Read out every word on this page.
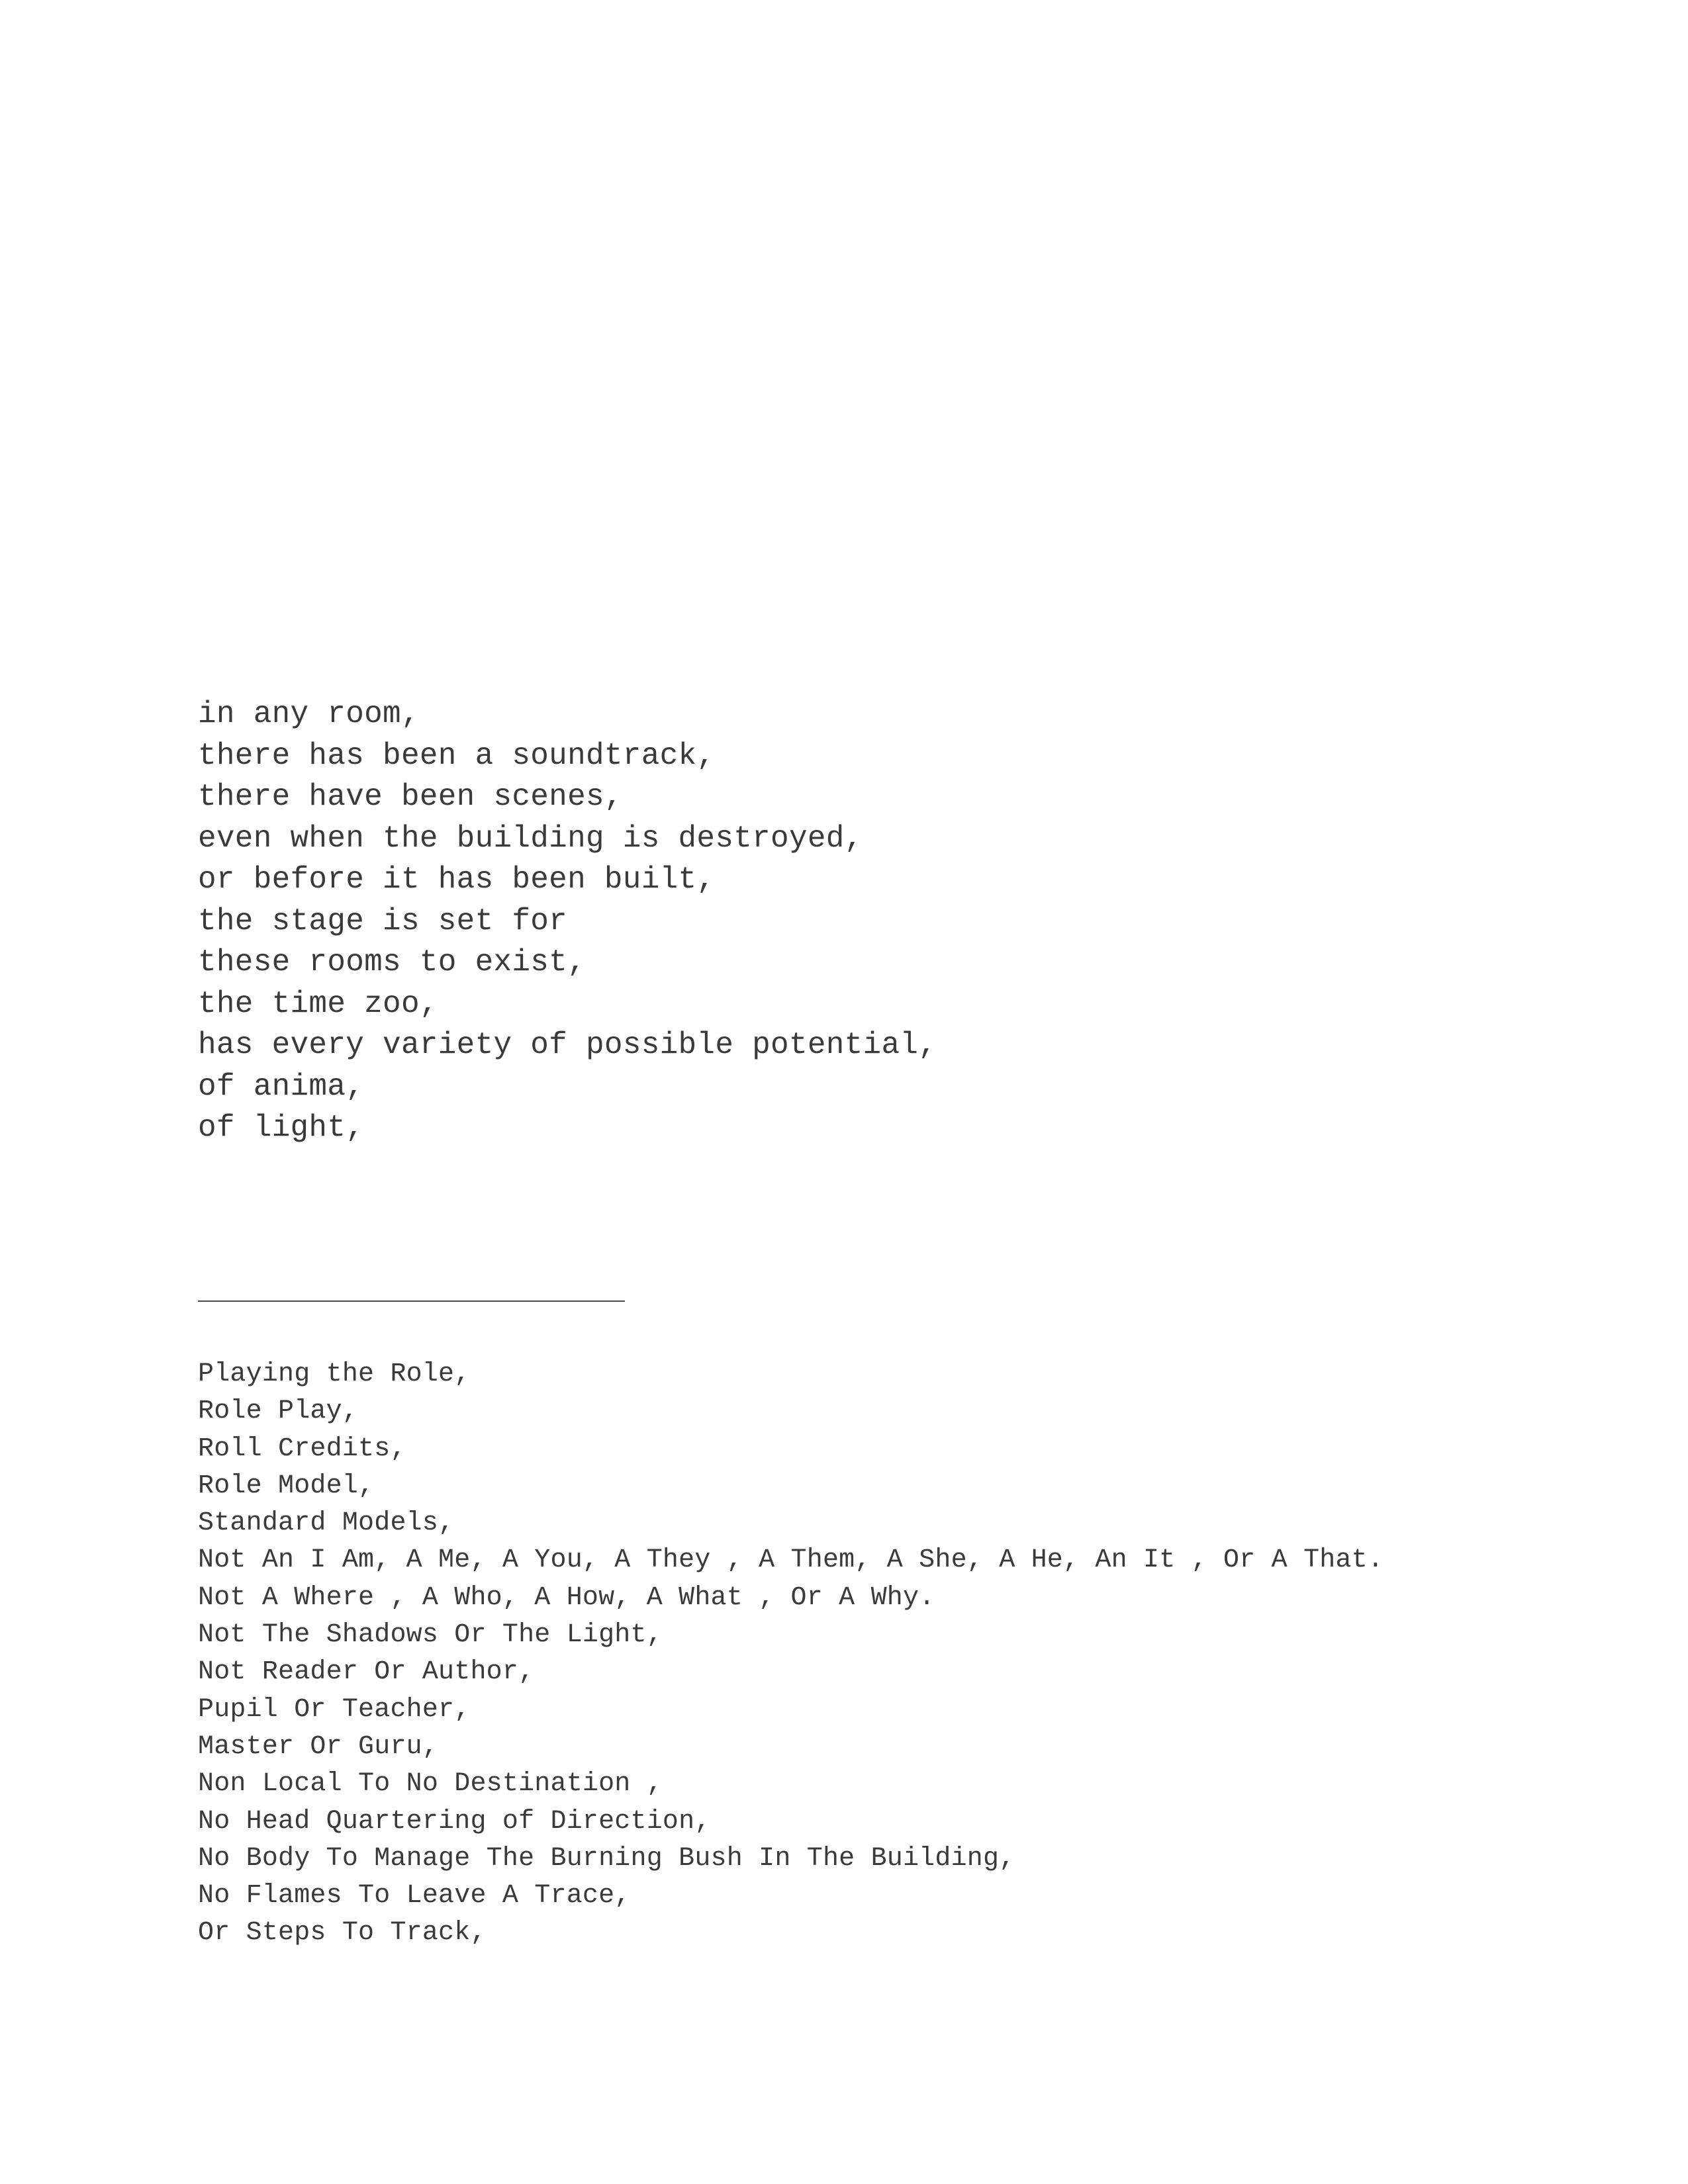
in any room,
there has been a soundtrack,
there have been scenes,
even when the building is destroyed,
or before it has been built,
the stage is set for
these rooms to exist,
the time zoo,
has every variety of possible potential,
of anima,
of light,
Playing the Role,
Role Play,
Roll Credits,
Role Model,
Standard Models,
Not An I Am, A Me, A You, A They , A Them, A She, A He, An It , Or A That.
Not A Where , A Who, A How, A What , Or A Why.
Not The Shadows Or The Light,
Not Reader Or Author,
Pupil Or Teacher,
Master Or Guru,
Non Local To No Destination ,
No Head Quartering of Direction,
No Body To Manage The Burning Bush In The Building,
No Flames To Leave A Trace,
Or Steps To Track,
